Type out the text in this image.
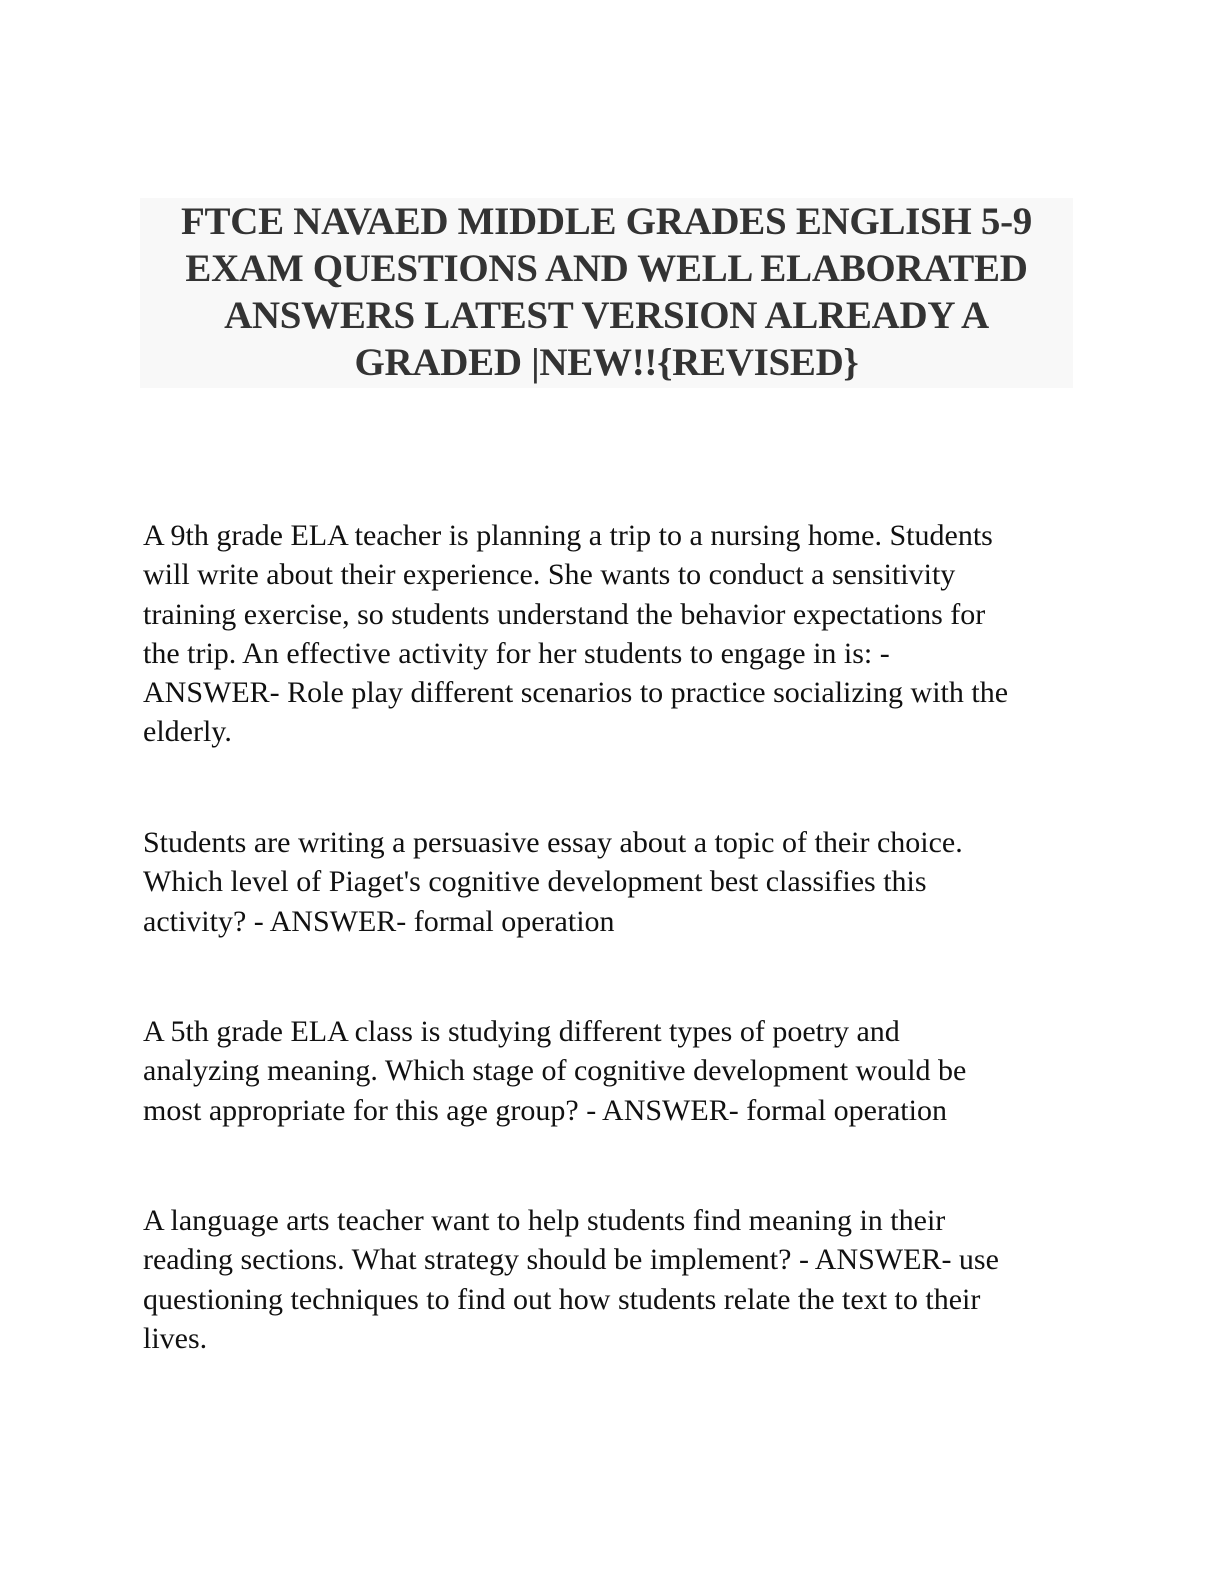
FTCE NAVAED MIDDLE GRADES ENGLISH 5-9
EXAM QUESTIONS AND WELL ELABORATED
ANSWERS LATEST VERSION ALREADY A
GRADED |NEW!!{REVISED}

A 9th grade ELA teacher is planning a trip to a nursing home. Students
will write about their experience. She wants to conduct a sensitivity
training exercise, so students understand the behavior expectations for
the trip. An effective activity for her students to engage in is: -
ANSWER- Role play different scenarios to practice socializing with the
elderly.

Students are writing a persuasive essay about a topic of their choice.
Which level of Piaget's cognitive development best classifies this
activity? - ANSWER- formal operation

A 5th grade ELA class is studying different types of poetry and
analyzing meaning. Which stage of cognitive development would be
most appropriate for this age group? - ANSWER- formal operation

A language arts teacher want to help students find meaning in their
reading sections. What strategy should be implement? - ANSWER- use
questioning techniques to find out how students relate the text to their
lives.
